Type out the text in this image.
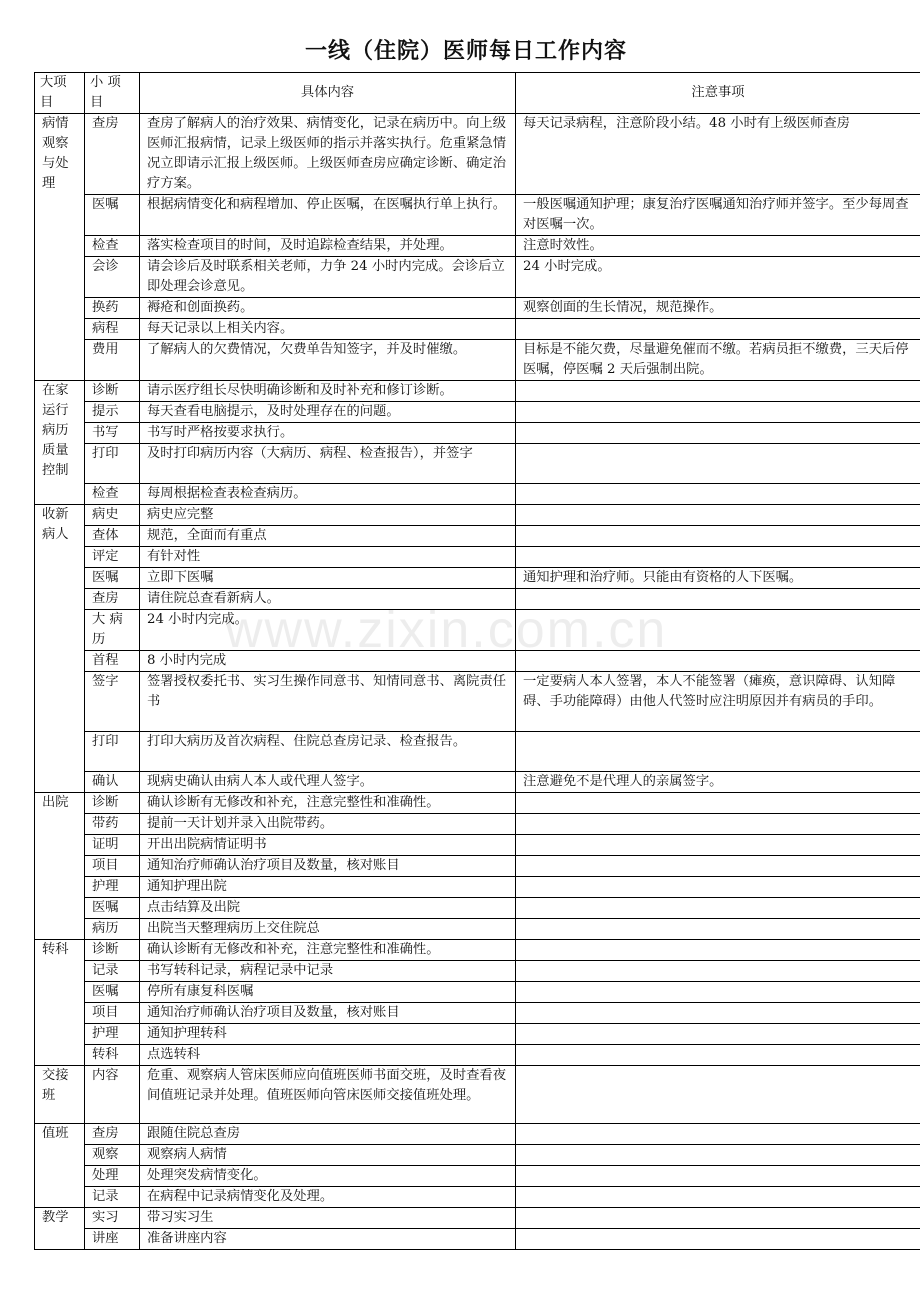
一线（住院）医师每日工作内容
大项目	小 项目	具体内容	注意事项
病情观察与处理	查房	查房了解病人的治疗效果、病情变化，记录在病历中。向上级医师汇报病情，记录上级医师的指示并落实执行。危重紧急情况立即请示汇报上级医师。上级医师查房应确定诊断、确定治疗方案。	每天记录病程，注意阶段小结。48 小时有上级医师查房
	医嘱	根据病情变化和病程增加、停止医嘱，在医嘱执行单上执行。	一般医嘱通知护理；康复治疗医嘱通知治疗师并签字。至少每周查对医嘱一次。
	检查	落实检查项目的时间，及时追踪检查结果，并处理。	注意时效性。
	会诊	请会诊后及时联系相关老师，力争 24 小时内完成。会诊后立即处理会诊意见。	24 小时完成。
	换药	褥疮和创面换药。	观察创面的生长情况，规范操作。
	病程	每天记录以上相关内容。	
	费用	了解病人的欠费情况，欠费单告知签字，并及时催缴。	目标是不能欠费，尽量避免催而不缴。若病员拒不缴费，三天后停医嘱，停医嘱 2 天后强制出院。
在家运行病历质量控制	诊断	请示医疗组长尽快明确诊断和及时补充和修订诊断。	
	提示	每天查看电脑提示，及时处理存在的问题。	
	书写	书写时严格按要求执行。	
	打印	及时打印病历内容（大病历、病程、检查报告），并签字	
	检查	每周根据检查表检查病历。	
收新病人	病史	病史应完整	
	查体	规范，全面而有重点	
	评定	有针对性	
	医嘱	立即下医嘱	通知护理和治疗师。只能由有资格的人下医嘱。
	查房	请住院总查看新病人。	
	大 病历	24 小时内完成。	
	首程	8 小时内完成	
	签字	签署授权委托书、实习生操作同意书、知情同意书、离院责任书	一定要病人本人签署，本人不能签署（瘫痪，意识障碍、认知障碍、手功能障碍）由他人代签时应注明原因并有病员的手印。
	打印	打印大病历及首次病程、住院总查房记录、检查报告。	
	确认	现病史确认由病人本人或代理人签字。	注意避免不是代理人的亲属签字。
出院	诊断	确认诊断有无修改和补充，注意完整性和准确性。	
	带药	提前一天计划并录入出院带药。	
	证明	开出出院病情证明书	
	项目	通知治疗师确认治疗项目及数量，核对账目	
	护理	通知护理出院	
	医嘱	点击结算及出院	
	病历	出院当天整理病历上交住院总	
转科	诊断	确认诊断有无修改和补充，注意完整性和准确性。	
	记录	书写转科记录，病程记录中记录	
	医嘱	停所有康复科医嘱	
	项目	通知治疗师确认治疗项目及数量，核对账目	
	护理	通知护理转科	
	转科	点选转科	
交接班	内容	危重、观察病人管床医师应向值班医师书面交班，及时查看夜间值班记录并处理。值班医师向管床医师交接值班处理。	
值班	查房	跟随住院总查房	
	观察	观察病人病情	
	处理	处理突发病情变化。	
	记录	在病程中记录病情变化及处理。	
教学	实习	带习实习生	
	讲座	准备讲座内容	
www.zixin.com.cn
